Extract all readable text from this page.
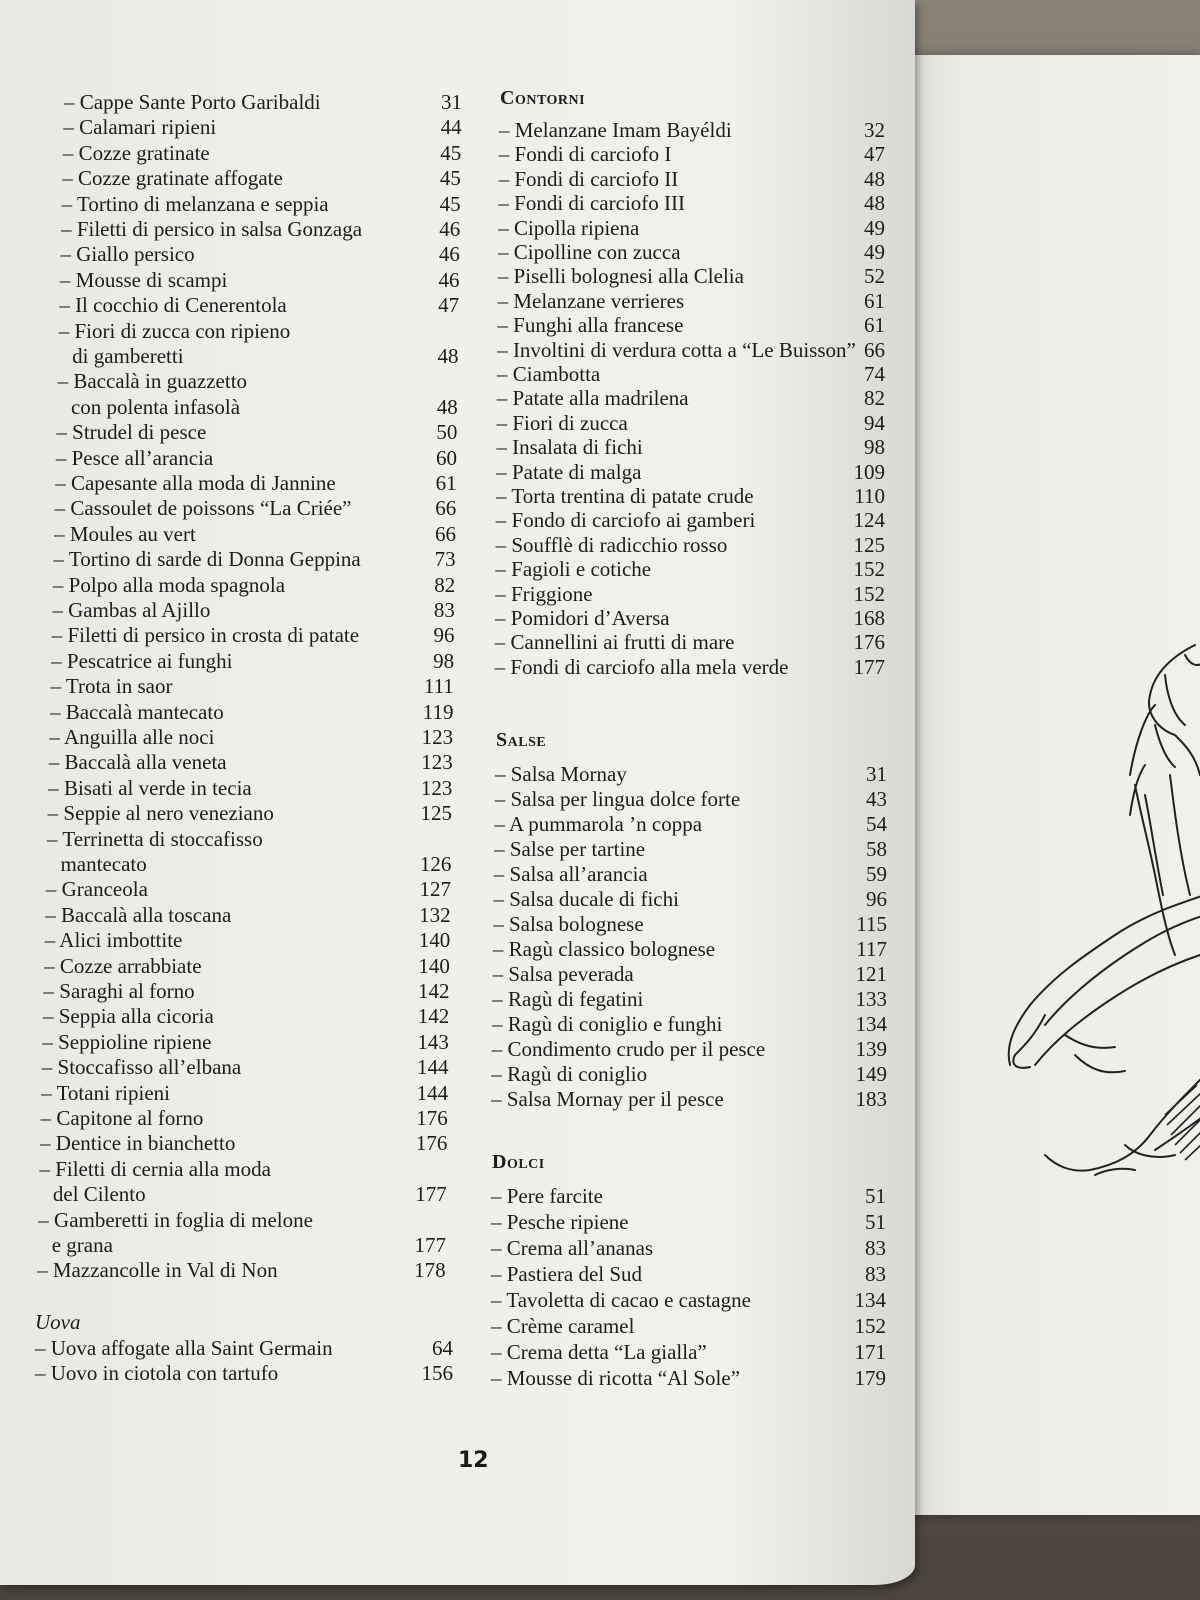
– Cappe Sante Porto Garibaldi	31
– Calamari ripieni	44
– Cozze gratinate	45
– Cozze gratinate affogate	45
– Tortino di melanzana e seppia	45
– Filetti di persico in salsa Gonzaga	46
– Giallo persico	46
– Mousse di scampi	46
– Il cocchio di Cenerentola	47
– Fiori di zucca con ripieno
di gamberetti	48
– Baccalà in guazzetto
con polenta infasolà	48
– Strudel di pesce	50
– Pesce all’arancia	60
– Capesante alla moda di Jannine	61
– Cassoulet de poissons “La Criée”	66
– Moules au vert	66
– Tortino di sarde di Donna Geppina	73
– Polpo alla moda spagnola	82
– Gambas al Ajillo	83
– Filetti di persico in crosta di patate	96
– Pescatrice ai funghi	98
– Trota in saor	111
– Baccalà mantecato	119
– Anguilla alle noci	123
– Baccalà alla veneta	123
– Bisati al verde in tecia	123
– Seppie al nero veneziano	125
– Terrinetta di stoccafisso
mantecato	126
– Granceola	127
– Baccalà alla toscana	132
– Alici imbottite	140
– Cozze arrabbiate	140
– Saraghi al forno	142
– Seppia alla cicoria	142
– Seppioline ripiene	143
– Stoccafisso all’elbana	144
– Totani ripieni	144
– Capitone al forno	176
– Dentice in bianchetto	176
– Filetti di cernia alla moda
del Cilento	177
– Gamberetti in foglia di melone
e grana	177
– Mazzancolle in Val di Non	178
Uova
– Uova affogate alla Saint Germain	64
– Uovo in ciotola con tartufo	156
Contorni
– Melanzane Imam Bayéldi	32
– Fondi di carciofo I	47
– Fondi di carciofo II	48
– Fondi di carciofo III	48
– Cipolla ripiena	49
– Cipolline con zucca	49
– Piselli bolognesi alla Clelia	52
– Melanzane verrieres	61
– Funghi alla francese	61
– Involtini di verdura cotta a “Le Buisson” 66
– Ciambotta	74
– Patate alla madrilena	82
– Fiori di zucca	94
– Insalata di fichi	98
– Patate di malga	109
– Torta trentina di patate crude	110
– Fondo di carciofo ai gamberi	124
– Soufflè di radicchio rosso	125
– Fagioli e cotiche	152
– Friggione	152
– Pomidori d’Aversa	168
– Cannellini ai frutti di mare	176
– Fondi di carciofo alla mela verde	177
Salse
– Salsa Mornay	31
– Salsa per lingua dolce forte	43
– A pummarola ’n coppa	54
– Salse per tartine	58
– Salsa all’arancia	59
– Salsa ducale di fichi	96
– Salsa bolognese	115
– Ragù classico bolognese	117
– Salsa peverada	121
– Ragù di fegatini	133
– Ragù di coniglio e funghi	134
– Condimento crudo per il pesce	139
– Ragù di coniglio	149
– Salsa Mornay per il pesce	183
Dolci
– Pere farcite	51
– Pesche ripiene	51
– Crema all’ananas	83
– Pastiera del Sud	83
– Tavoletta di cacao e castagne	134
– Crème caramel	152
– Crema detta “La gialla”	171
– Mousse di ricotta “Al Sole”	179
12
